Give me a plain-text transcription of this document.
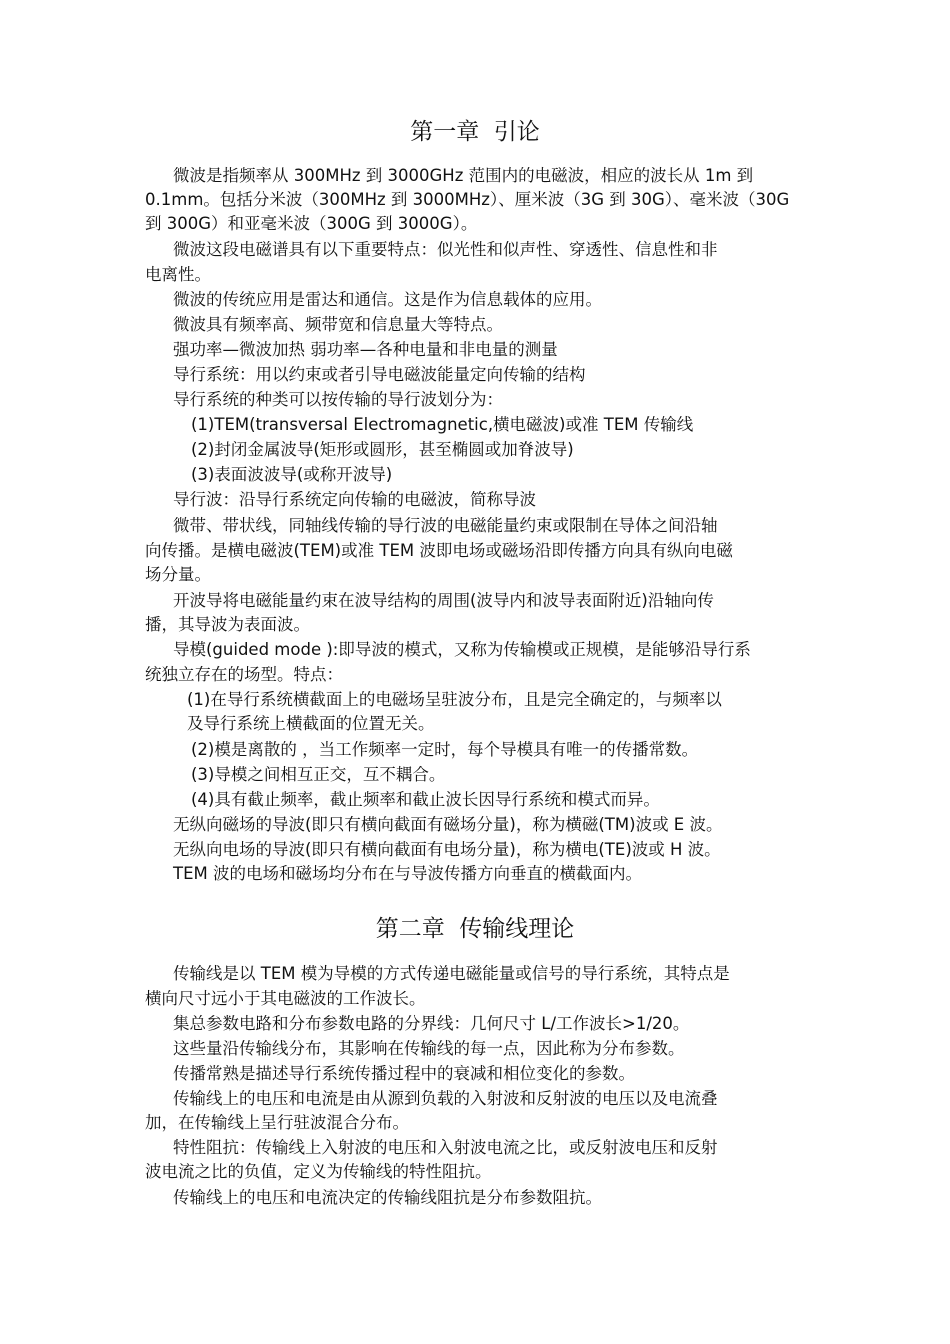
第一章  引论

微波是指频率从 300MHz 到 3000GHz 范围内的电磁波，相应的波长从 1m 到

0.1mm。包括分米波（300MHz 到 3000MHz）、厘米波（3G 到 30G）、毫米波（30G

到 300G）和亚毫米波（300G 到 3000G）。

微波这段电磁谱具有以下重要特点：似光性和似声性、穿透性、信息性和非

电离性。

微波的传统应用是雷达和通信。这是作为信息载体的应用。

微波具有频率高、频带宽和信息量大等特点。

强功率—微波加热 弱功率—各种电量和非电量的测量

导行系统：用以约束或者引导电磁波能量定向传输的结构

导行系统的种类可以按传输的导行波划分为：

(1)TEM(transversal Electromagnetic,横电磁波)或准 TEM 传输线

(2)封闭金属波导(矩形或圆形，甚至椭圆或加脊波导)

(3)表面波波导(或称开波导)

导行波：沿导行系统定向传输的电磁波，简称导波

微带、带状线，同轴线传输的导行波的电磁能量约束或限制在导体之间沿轴

向传播。是横电磁波(TEM)或准 TEM 波即电场或磁场沿即传播方向具有纵向电磁

场分量。

开波导将电磁能量约束在波导结构的周围(波导内和波导表面附近)沿轴向传

播，其导波为表面波。

导模(guided mode ):即导波的模式，又称为传输模或正规模，是能够沿导行系

统独立存在的场型。特点：

(1)在导行系统横截面上的电磁场呈驻波分布，且是完全确定的，与频率以

及导行系统上横截面的位置无关。

(2)模是离散的 ，当工作频率一定时，每个导模具有唯一的传播常数。

(3)导模之间相互正交，互不耦合。

(4)具有截止频率，截止频率和截止波长因导行系统和模式而异。

无纵向磁场的导波(即只有横向截面有磁场分量)，称为横磁(TM)波或 E 波。

无纵向电场的导波(即只有横向截面有电场分量)，称为横电(TE)波或 H 波。

TEM 波的电场和磁场均分布在与导波传播方向垂直的横截面内。

第二章  传输线理论

传输线是以 TEM 模为导模的方式传递电磁能量或信号的导行系统，其特点是

横向尺寸远小于其电磁波的工作波长。

集总参数电路和分布参数电路的分界线：几何尺寸 L/工作波长>1/20。

这些量沿传输线分布，其影响在传输线的每一点，因此称为分布参数。

传播常熟是描述导行系统传播过程中的衰减和相位变化的参数。

传输线上的电压和电流是由从源到负载的入射波和反射波的电压以及电流叠

加，在传输线上呈行驻波混合分布。

特性阻抗：传输线上入射波的电压和入射波电流之比，或反射波电压和反射

波电流之比的负值，定义为传输线的特性阻抗。

传输线上的电压和电流决定的传输线阻抗是分布参数阻抗。
